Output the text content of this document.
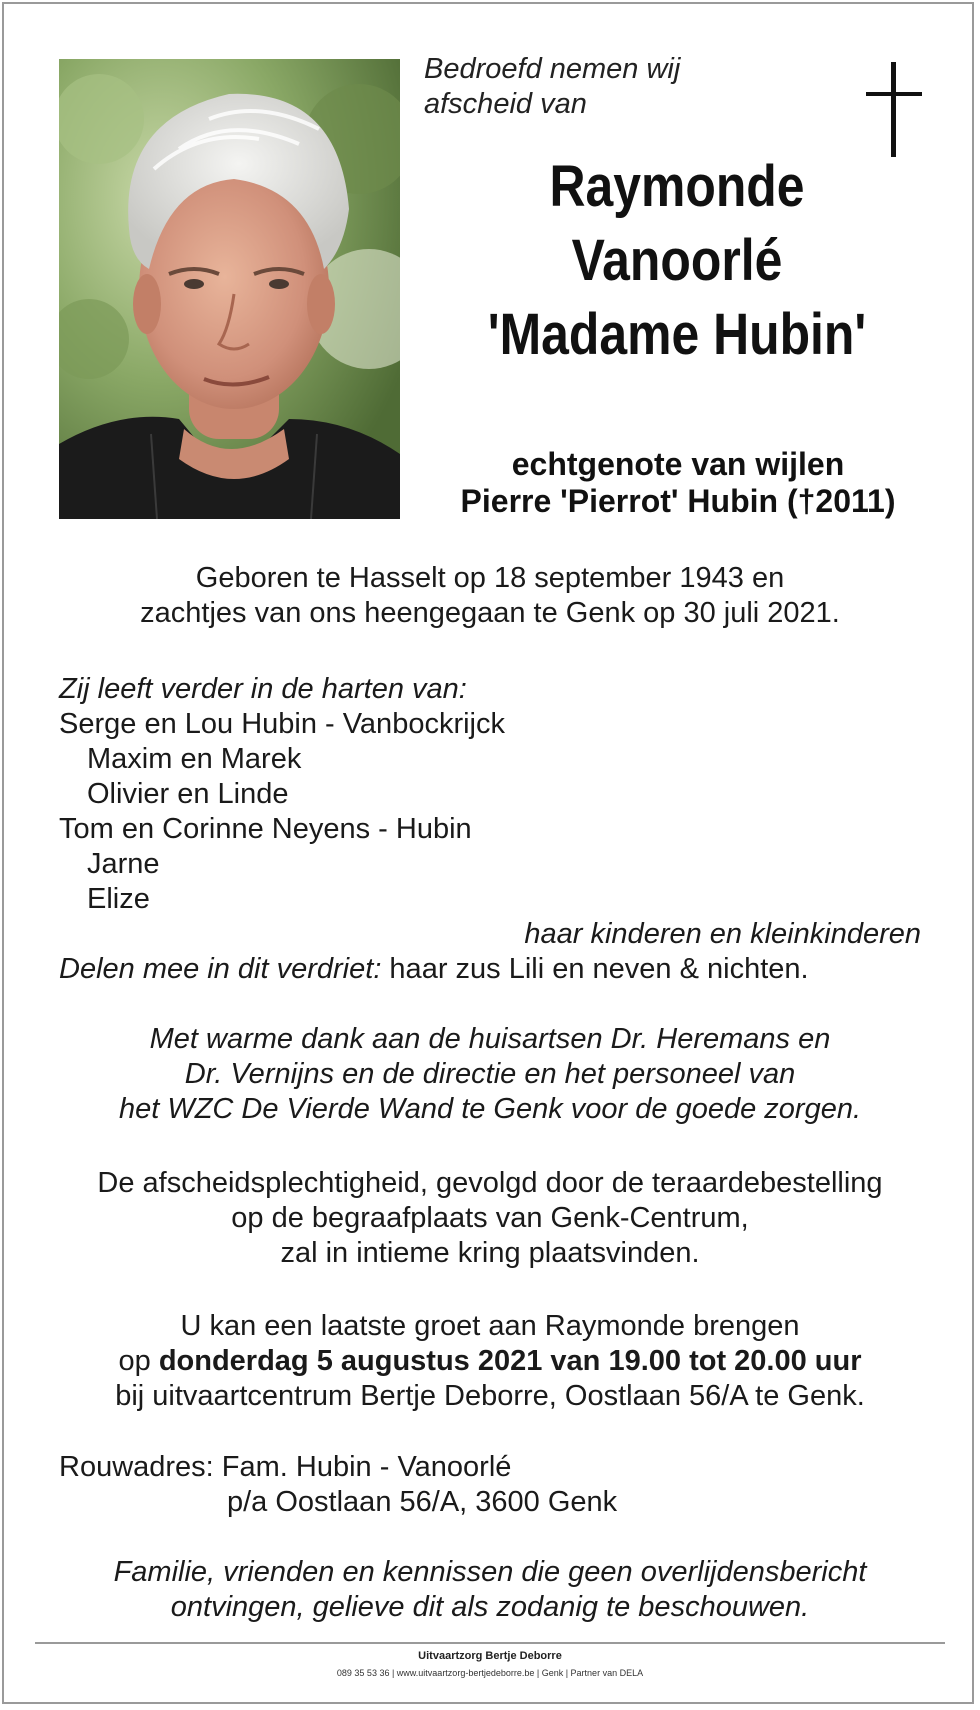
Bedroefd nemen wij
afscheid van
Raymonde
Vanoorlé
'Madame Hubin'
echtgenote van wijlen
Pierre 'Pierrot' Hubin (†2011)
Geboren te Hasselt op 18 september 1943 en
zachtjes van ons heengegaan te Genk op 30 juli 2021.
Zij leeft verder in de harten van:
Serge en Lou Hubin - Vanbockrijck
Maxim en Marek
Olivier en Linde
Tom en Corinne Neyens - Hubin
Jarne
Elize
haar kinderen en kleinkinderen
Delen mee in dit verdriet: haar zus Lili en neven & nichten.
Met warme dank aan de huisartsen Dr. Heremans en
Dr. Vernijns en de directie en het personeel van
het WZC De Vierde Wand te Genk voor de goede zorgen.
De afscheidsplechtigheid, gevolgd door de teraardebestelling
op de begraafplaats van Genk-Centrum,
zal in intieme kring plaatsvinden.
U kan een laatste groet aan Raymonde brengen
op donderdag 5 augustus 2021 van 19.00 tot 20.00 uur
bij uitvaartcentrum Bertje Deborre, Oostlaan 56/A te Genk.
Rouwadres: Fam. Hubin - Vanoorlé
p/a Oostlaan 56/A, 3600 Genk
Familie, vrienden en kennissen die geen overlijdensbericht
ontvingen, gelieve dit als zodanig te beschouwen.
Uitvaartzorg Bertje Deborre
089 35 53 36 | www.uitvaartzorg-bertjedeborre.be | Genk | Partner van DELA
